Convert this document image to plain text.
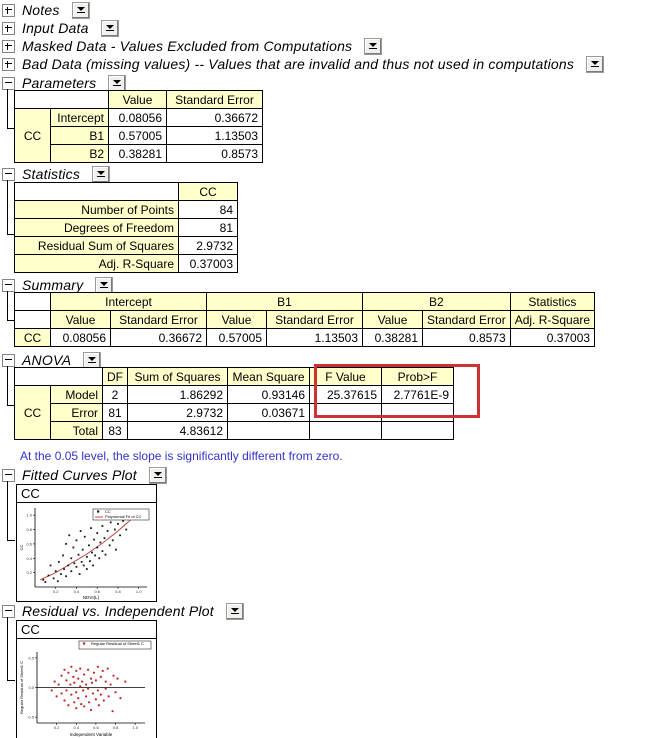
Notes
Input Data
Masked Data - Values Excluded from Computations
Bad Data (missing values) -- Values that are invalid and thus not used in computations
Parameters
		Value	Standard Error
CC	Intercept	0.08056	0.36672
	B1	0.57005	1.13503
	B2	0.38281	0.8573
Statistics
	CC
Number of Points	84
Degrees of Freedom	81
Residual Sum of Squares	2.9732
Adj. R-Square	0.37003
Summary
	Intercept		B1		B2		Statistics
	Value	Standard Error	Value	Standard Error	Value	Standard Error	Adj. R-Square
CC	0.08056	0.36672	0.57005	1.13503	0.38281	0.8573	0.37003
ANOVA
		DF	Sum of Squares	Mean Square	F Value	Prob>F
CC	Model	2	1.86292	0.93146	25.37615	2.7761E-9
	Error	81	2.9732	0.03671		
	Total	83	4.83612			
At the 0.05 level, the slope is significantly different from zero.
Fitted Curves Plot
CC
0.2	0.4	0.6	0.8	1.0
0.2
0.4
0.6
0.8
1.0
CC
Polynomial Fit of CC
NDVI(L)
CC
Residual vs. Independent Plot
CC
0.2	0.4	0.6	0.8	1.0
0.5
0.0
-0.5
Regular Residual of Sheet1 C
Independent Variable
Regular Residual of Sheet1 C
